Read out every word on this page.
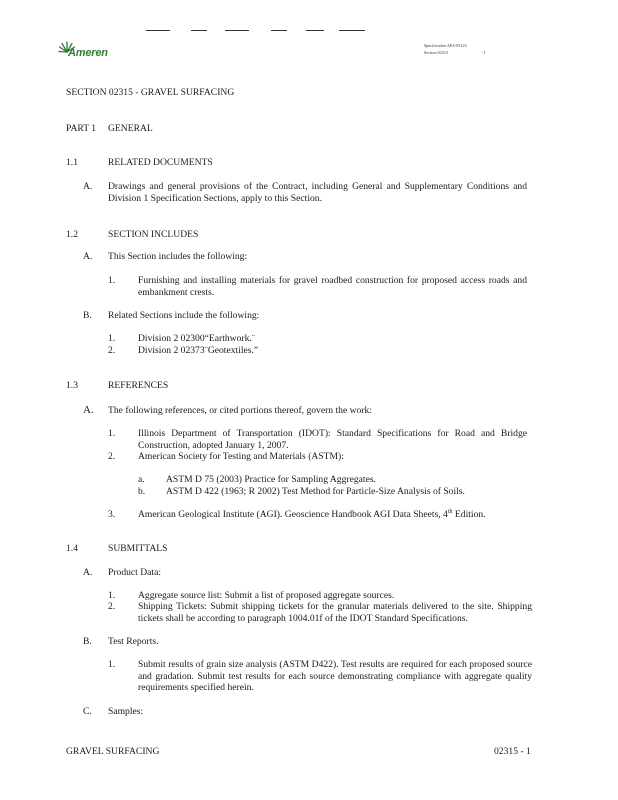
Ameren
Specification AES-03123
Section 02315	- 1
SECTION 02315 - GRAVEL SURFACING
PART 1 GENERAL
1.1	RELATED DOCUMENTS
A. Drawings and general provisions of the Contract, including General and Supplementary Conditions and Division 1 Specification Sections, apply to this Section.
1.2	SECTION INCLUDES
A. This Section includes the following:
1. Furnishing and installing materials for gravel roadbed construction for proposed access roads and embankment crests.
B. Related Sections include the following:
1. Division 2 02300“Earthwork.¨
2. Division 2 02373¨Geotextiles.”
1.3	REFERENCES
A. The following references, or cited portions thereof, govern the work:
1. Illinois Department of Transportation (IDOT): Standard Specifications for Road and Bridge Construction, adopted January 1, 2007.
2. American Society for Testing and Materials (ASTM):
a. ASTM D 75 (2003) Practice for Sampling Aggregates.
b. ASTM D 422 (1963; R 2002) Test Method for Particle-Size Analysis of Soils.
3. American Geological Institute (AGI). Geoscience Handbook AGI Data Sheets, 4th Edition.
1.4	SUBMITTALS
A. Product Data:
1. Aggregate source list: Submit a list of proposed aggregate sources.
2. Shipping Tickets: Submit shipping tickets for the granular materials delivered to the site. Shipping tickets shall be according to paragraph 1004.01f of the IDOT Standard Specifications.
B. Test Reports.
1. Submit results of grain size analysis (ASTM D422). Test results are required for each proposed source and gradation. Submit test results for each source demonstrating compliance with aggregate quality requirements specified herein.
C. Samples:
GRAVEL SURFACING	02315 - 1
